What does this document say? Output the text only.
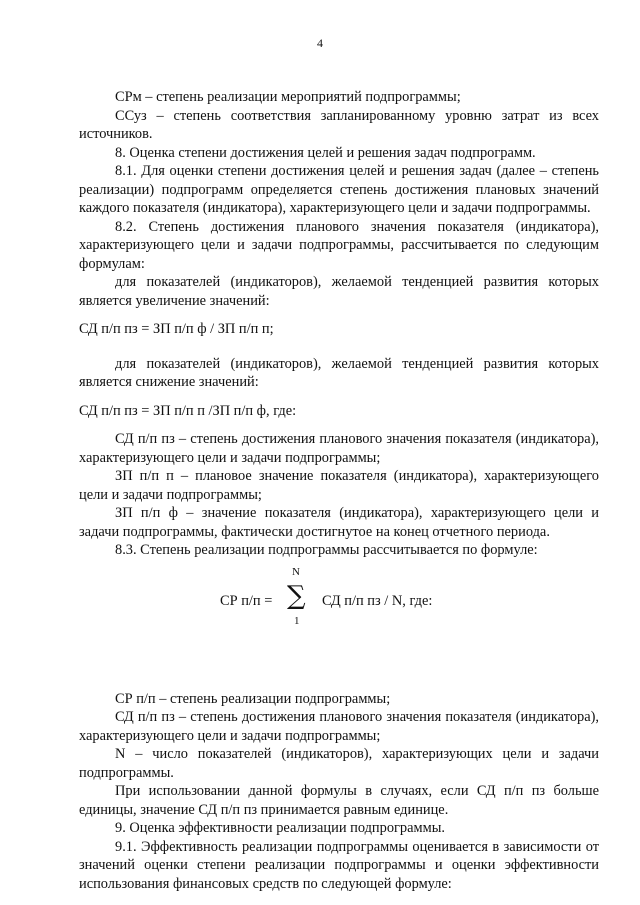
4

СРм – степень реализации мероприятий подпрограммы;

ССуз – степень соответствия запланированному уровню затрат из всех источников.

8. Оценка степени достижения целей и решения задач подпрограмм.

8.1. Для оценки степени достижения целей и решения задач (далее – степень реализации) подпрограмм определяется степень достижения плановых значений каждого показателя (индикатора), характеризующего цели и задачи подпрограммы.

8.2. Степень достижения планового значения показателя (индикатора), характеризующего цели и задачи подпрограммы, рассчитывается по следующим формулам:

для показателей (индикаторов), желаемой тенденцией развития которых является увеличение значений:

СД п/п пз = ЗП п/п ф / ЗП п/п п;

для показателей (индикаторов), желаемой тенденцией развития которых является снижение значений:

СД п/п пз = ЗП п/п п /ЗП п/п ф, где:

СД п/п пз – степень достижения планового значения показателя (индикатора), характеризующего цели и задачи подпрограммы;

ЗП п/п п – плановое значение показателя (индикатора), характеризующего цели и задачи подпрограммы;

ЗП п/п ф – значение показателя (индикатора), характеризующего цели и задачи подпрограммы, фактически достигнутое на конец отчетного периода.

8.3. Степень реализации подпрограммы рассчитывается по формуле:

СР п/п =
N
∑
1
СД п/п пз / N, где:

СР п/п – степень реализации подпрограммы;

СД п/п пз – степень достижения планового значения показателя (индикатора), характеризующего цели и задачи подпрограммы;

N – число показателей (индикаторов), характеризующих цели и задачи подпрограммы.

При использовании данной формулы в случаях, если СД п/п пз больше единицы, значение СД п/п пз принимается равным единице.

9. Оценка эффективности реализации подпрограммы.

9.1. Эффективность реализации подпрограммы оценивается в зависимости от значений оценки степени реализации подпрограммы и оценки эффективности использования финансовых средств по следующей формуле:
